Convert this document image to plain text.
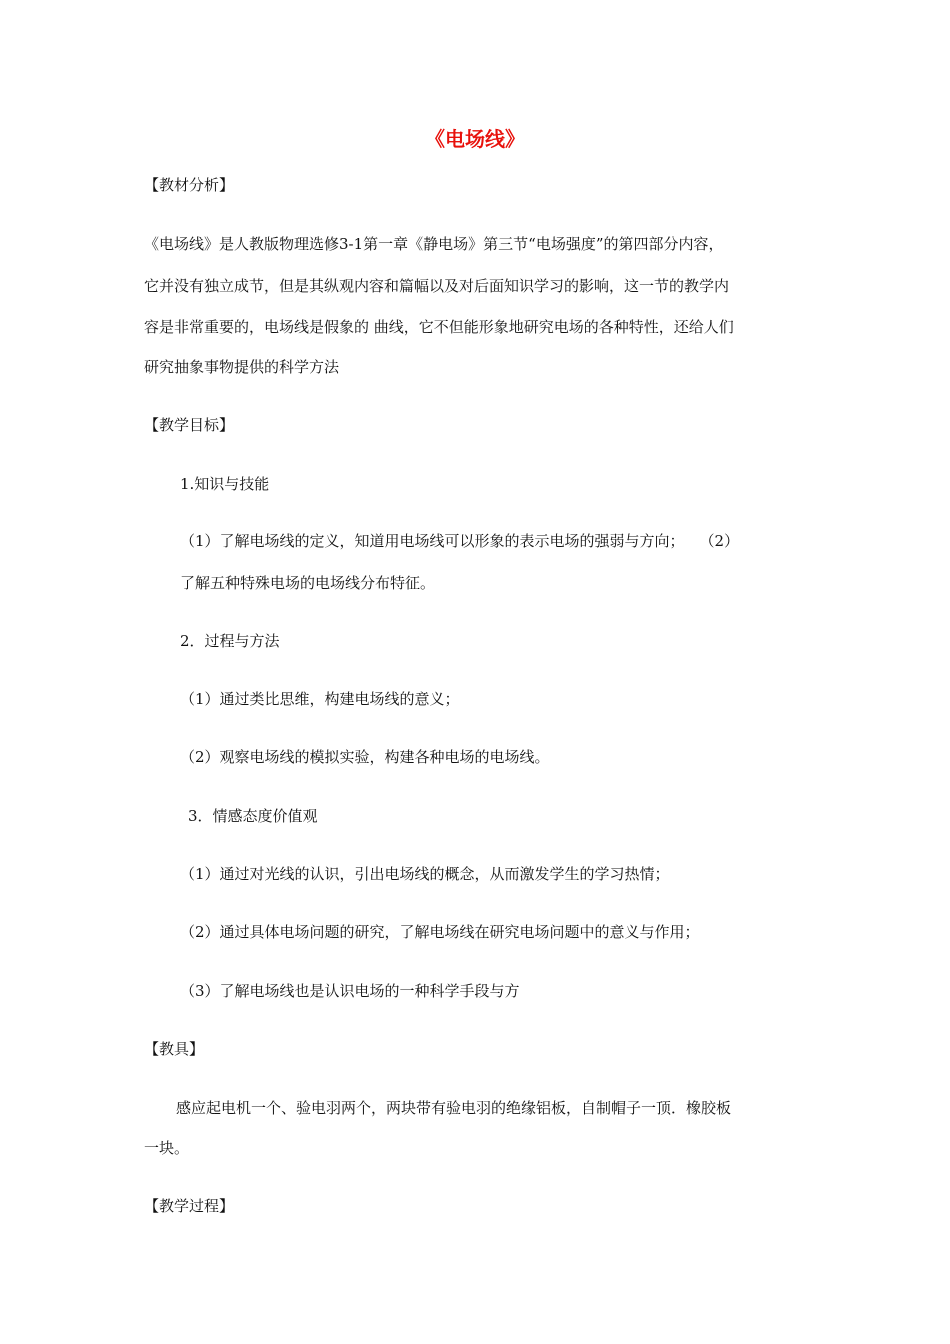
《电场线》
【教材分析】
《电场线》是人教版物理选修3-1第一章《静电场》第三节“电场强度”的第四部分内容，
它并没有独立成节，但是其纵观内容和篇幅以及对后面知识学习的影响，这一节的教学内
容是非常重要的，电场线是假象的 曲线，它不但能形象地研究电场的各种特性，还给人们
研究抽象事物提供的科学方法
【教学目标】
1.知识与技能
（1）了解电场线的定义，知道用电场线可以形象的表示电场的强弱与方向；　　（2）
了解五种特殊电场的电场线分布特征。
2．过程与方法
（1）通过类比思维，构建电场线的意义；
（2）观察电场线的模拟实验，构建各种电场的电场线。
3．情感态度价值观
（1）通过对光线的认识，引出电场线的概念，从而激发学生的学习热情；
（2）通过具体电场问题的研究，了解电场线在研究电场问题中的意义与作用；
（3）了解电场线也是认识电场的一种科学手段与方
【教具】
感应起电机一个、验电羽两个，两块带有验电羽的绝缘铝板，自制帽子一顶．橡胶板
一块。
【教学过程】
